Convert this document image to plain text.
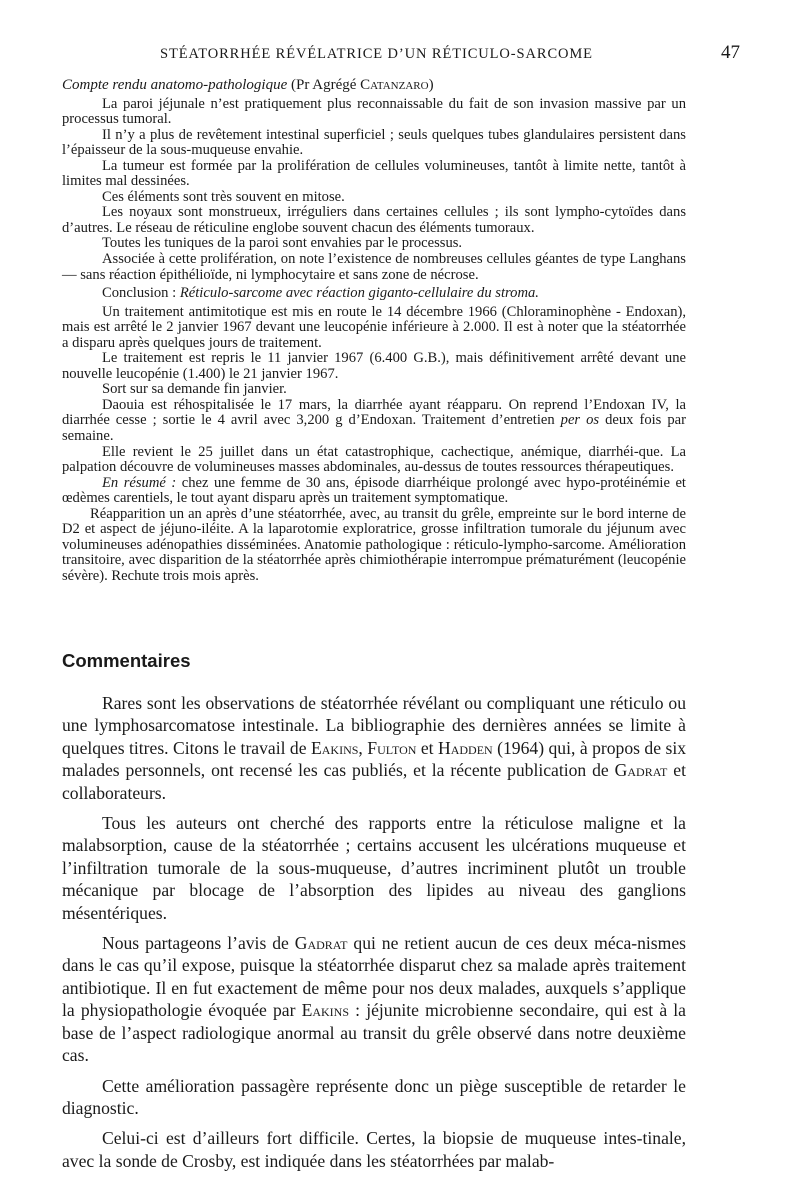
STÉATORRHÉE RÉVÉLATRICE D’UN RÉTICULO-SARCOME	47

Compte rendu anatomo-pathologique (Pr Agrégé Catanzaro)

La paroi jéjunale n’est pratiquement plus reconnaissable du fait de son invasion massive par un processus tumoral.

Il n’y a plus de revêtement intestinal superficiel ; seuls quelques tubes glandulaires persistent dans l’épaisseur de la sous-muqueuse envahie.

La tumeur est formée par la prolifération de cellules volumineuses, tantôt à limite nette, tantôt à limites mal dessinées.

Ces éléments sont très souvent en mitose.

Les noyaux sont monstrueux, irréguliers dans certaines cellules ; ils sont lympho-cytoïdes dans d’autres. Le réseau de réticuline englobe souvent chacun des éléments tumoraux.

Toutes les tuniques de la paroi sont envahies par le processus.

Associée à cette prolifération, on note l’existence de nombreuses cellules géantes de type Langhans — sans réaction épithélioïde, ni lymphocytaire et sans zone de nécrose.

Conclusion : Réticulo-sarcome avec réaction giganto-cellulaire du stroma.

Un traitement antimitotique est mis en route le 14 décembre 1966 (Chloraminophène - Endoxan), mais est arrêté le 2 janvier 1967 devant une leucopénie inférieure à 2.000. Il est à noter que la stéatorrhée a disparu après quelques jours de traitement.

Le traitement est repris le 11 janvier 1967 (6.400 G.B.), mais définitivement arrêté devant une nouvelle leucopénie (1.400) le 21 janvier 1967.

Sort sur sa demande fin janvier.

Daouia est réhospitalisée le 17 mars, la diarrhée ayant réapparu. On reprend l’Endoxan IV, la diarrhée cesse ; sortie le 4 avril avec 3,200 g d’Endoxan. Traitement d’entretien per os deux fois par semaine.

Elle revient le 25 juillet dans un état catastrophique, cachectique, anémique, diarrhéi-que. La palpation découvre de volumineuses masses abdominales, au-dessus de toutes ressources thérapeutiques.

En résumé : chez une femme de 30 ans, épisode diarrhéique prolongé avec hypo-protéinémie et œdèmes carentiels, le tout ayant disparu après un traitement symptomatique.

Réapparition un an après d’une stéatorrhée, avec, au transit du grêle, empreinte sur le bord interne de D2 et aspect de jéjuno-iléite. A la laparotomie exploratrice, grosse infiltration tumorale du jéjunum avec volumineuses adénopathies disséminées. Anatomie pathologique : réticulo-lympho-sarcome. Amélioration transitoire, avec disparition de la stéatorrhée après chimiothérapie interrompue prématurément (leucopénie sévère). Rechute trois mois après.

Commentaires

Rares sont les observations de stéatorrhée révélant ou compliquant une réticulo ou une lymphosarcomatose intestinale. La bibliographie des dernières années se limite à quelques titres. Citons le travail de Eakins, Fulton et Hadden (1964) qui, à propos de six malades personnels, ont recensé les cas publiés, et la récente publication de Gadrat et collaborateurs.

Tous les auteurs ont cherché des rapports entre la réticulose maligne et la malabsorption, cause de la stéatorrhée ; certains accusent les ulcérations muqueuse et l’infiltration tumorale de la sous-muqueuse, d’autres incriminent plutôt un trouble mécanique par blocage de l’absorption des lipides au niveau des ganglions mésentériques.

Nous partageons l’avis de Gadrat qui ne retient aucun de ces deux méca-nismes dans le cas qu’il expose, puisque la stéatorrhée disparut chez sa malade après traitement antibiotique. Il en fut exactement de même pour nos deux malades, auxquels s’applique la physiopathologie évoquée par Eakins : jéjunite microbienne secondaire, qui est à la base de l’aspect radiologique anormal au transit du grêle observé dans notre deuxième cas.

Cette amélioration passagère représente donc un piège susceptible de retarder le diagnostic.

Celui-ci est d’ailleurs fort difficile. Certes, la biopsie de muqueuse intes-tinale, avec la sonde de Crosby, est indiquée dans les stéatorrhées par malab-
